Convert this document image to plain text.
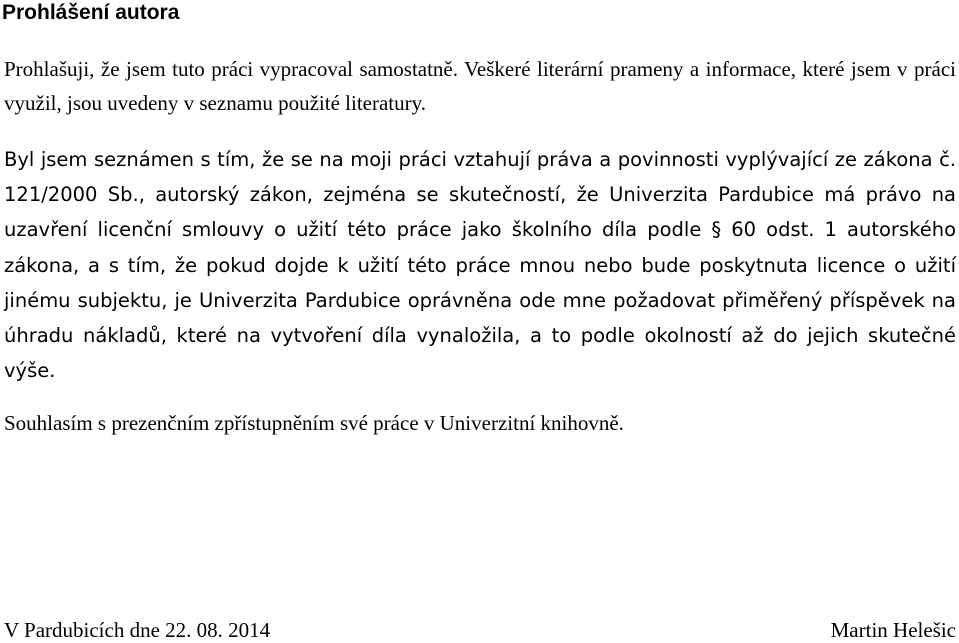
Prohlášení autora

Prohlašuji, že jsem tuto práci vypracoval samostatně. Veškeré literární prameny a informace, které jsem v práci využil, jsou uvedeny v seznamu použité literatury.

Byl jsem seznámen s tím, že se na moji práci vztahují práva a povinnosti vyplývající ze zákona č. 121/2000 Sb., autorský zákon, zejména se skutečností, že Univerzita Pardubice má právo na uzavření licenční smlouvy o užití této práce jako školního díla podle § 60 odst. 1 autorského zákona, a s tím, že pokud dojde k užití této práce mnou nebo bude poskytnuta licence o užití jinému subjektu, je Univerzita Pardubice oprávněna ode mne požadovat přiměřený příspěvek na úhradu nákladů, které na vytvoření díla vynaložila, a to podle okolností až do jejich skutečné výše.

Souhlasím s prezenčním zpřístupněním své práce v Univerzitní knihovně.

V Pardubicích dne 22. 08. 2014	Martin Helešic
